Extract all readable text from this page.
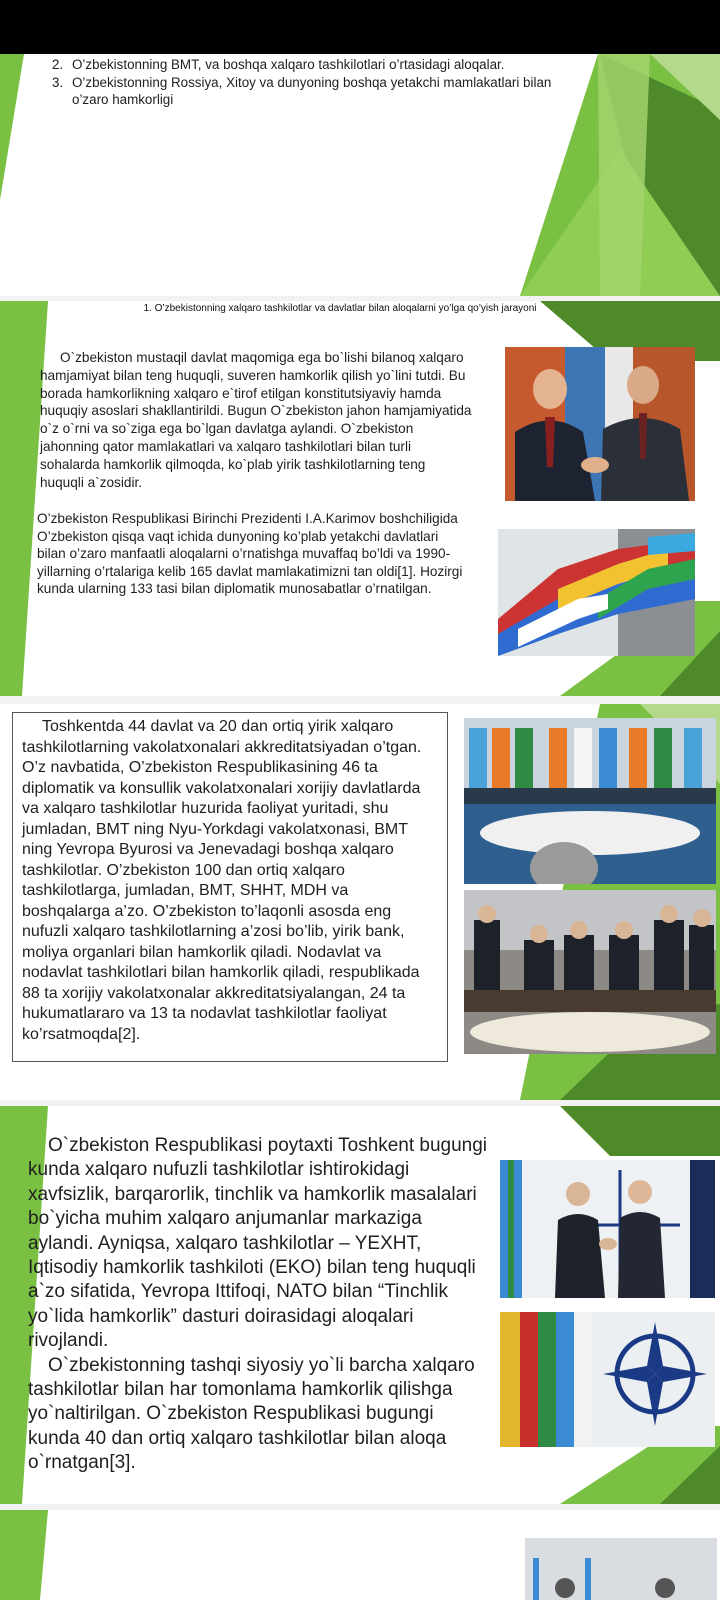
2. O’zbekistonning BMT, va boshqa xalqaro tashkilotlari o’rtasidagi aloqalar.
3. O’zbekistonning Rossiya, Xitoy va dunyoning boshqa yetakchi mamlakatlari bilan o’zaro hamkorligi
1. O’zbekistonning xalqaro tashkilotlar va davlatlar bilan aloqalarni yo’lga qo’yish jarayoni
O`zbekiston mustaqil davlat maqomiga ega bo`lishi bilanoq xalqaro hamjamiyat bilan teng huquqli, suveren hamkorlik qilish yo`lini tutdi. Bu borada hamkorlikning xalqaro e`tirof etilgan konstitutsiyaviy hamda huquqiy asoslari shakllantirildi. Bugun O`zbekiston jahon hamjamiyatida o`z o`rni va so`ziga ega bo`lgan davlatga aylandi. O`zbekiston jahonning qator mamlakatlari va xalqaro tashkilotlari bilan turli sohalarda hamkorlik qilmoqda, ko`plab yirik tashkilotlarning teng huquqli a`zosidir.
O’zbekiston Respublikasi Birinchi Prezidenti I.A.Karimov boshchiligida O’zbekiston qisqa vaqt ichida dunyoning ko’plab yetakchi davlatlari bilan o’zaro manfaatli aloqalarni o’rnatishga muvaffaq bo’ldi va 1990-yillarning o’rtalariga kelib 165 davlat mamlakatimizni tan oldi[1]. Hozirgi kunda ularning 133 tasi bilan diplomatik munosabatlar o’rnatilgan.
Toshkentda 44 davlat va 20 dan ortiq yirik xalqaro tashkilotlarning vakolatxonalari akkreditatsiyadan o’tgan. O’z navbatida, O’zbekiston Respublikasining 46 ta diplomatik va konsullik vakolatxonalari xorijiy davlatlarda va xalqaro tashkilotlar huzurida faoliyat yuritadi, shu jumladan, BMT ning Nyu-Yorkdagi vakolatxonasi, BMT ning Yevropa Byurosi va Jenevadagi boshqa xalqaro tashkilotlar. O’zbekiston 100 dan ortiq xalqaro tashkilotlarga, jumladan, BMT, SHHT, MDH va boshqalarga a’zo. O’zbekiston to’laqonli asosda eng nufuzli xalqaro tashkilotlarning a’zosi bo’lib, yirik bank, moliya organlari bilan hamkorlik qiladi. Nodavlat va nodavlat tashkilotlari bilan hamkorlik qiladi, respublikada 88 ta xorijiy vakolatxonalar akkreditatsiyalangan, 24 ta hukumatlararo va 13 ta nodavlat tashkilotlar faoliyat ko’rsatmoqda[2].
O`zbekiston Respublikasi poytaxti Toshkent bugungi kunda xalqaro nufuzli tashkilotlar ishtirokidagi xavfsizlik, barqarorlik, tinchlik va hamkorlik masalalari bo`yicha muhim xalqaro anjumanlar markaziga aylandi. Ayniqsa, xalqaro tashkilotlar – YEXHT, Iqtisodiy hamkorlik tashkiloti (EKO) bilan teng huquqli a`zo sifatida, Yevropa Ittifoqi, NATO bilan “Tinchlik yo`lida hamkorlik” dasturi doirasidagi aloqalari rivojlandi.
O`zbekistonning tashqi siyosiy yo`li barcha xalqaro tashkilotlar bilan har tomonlama hamkorlik qilishga yo`naltirilgan. O`zbekiston Respublikasi bugungi kunda 40 dan ortiq xalqaro tashkilotlar bilan aloqa o`rnatgan[3].
